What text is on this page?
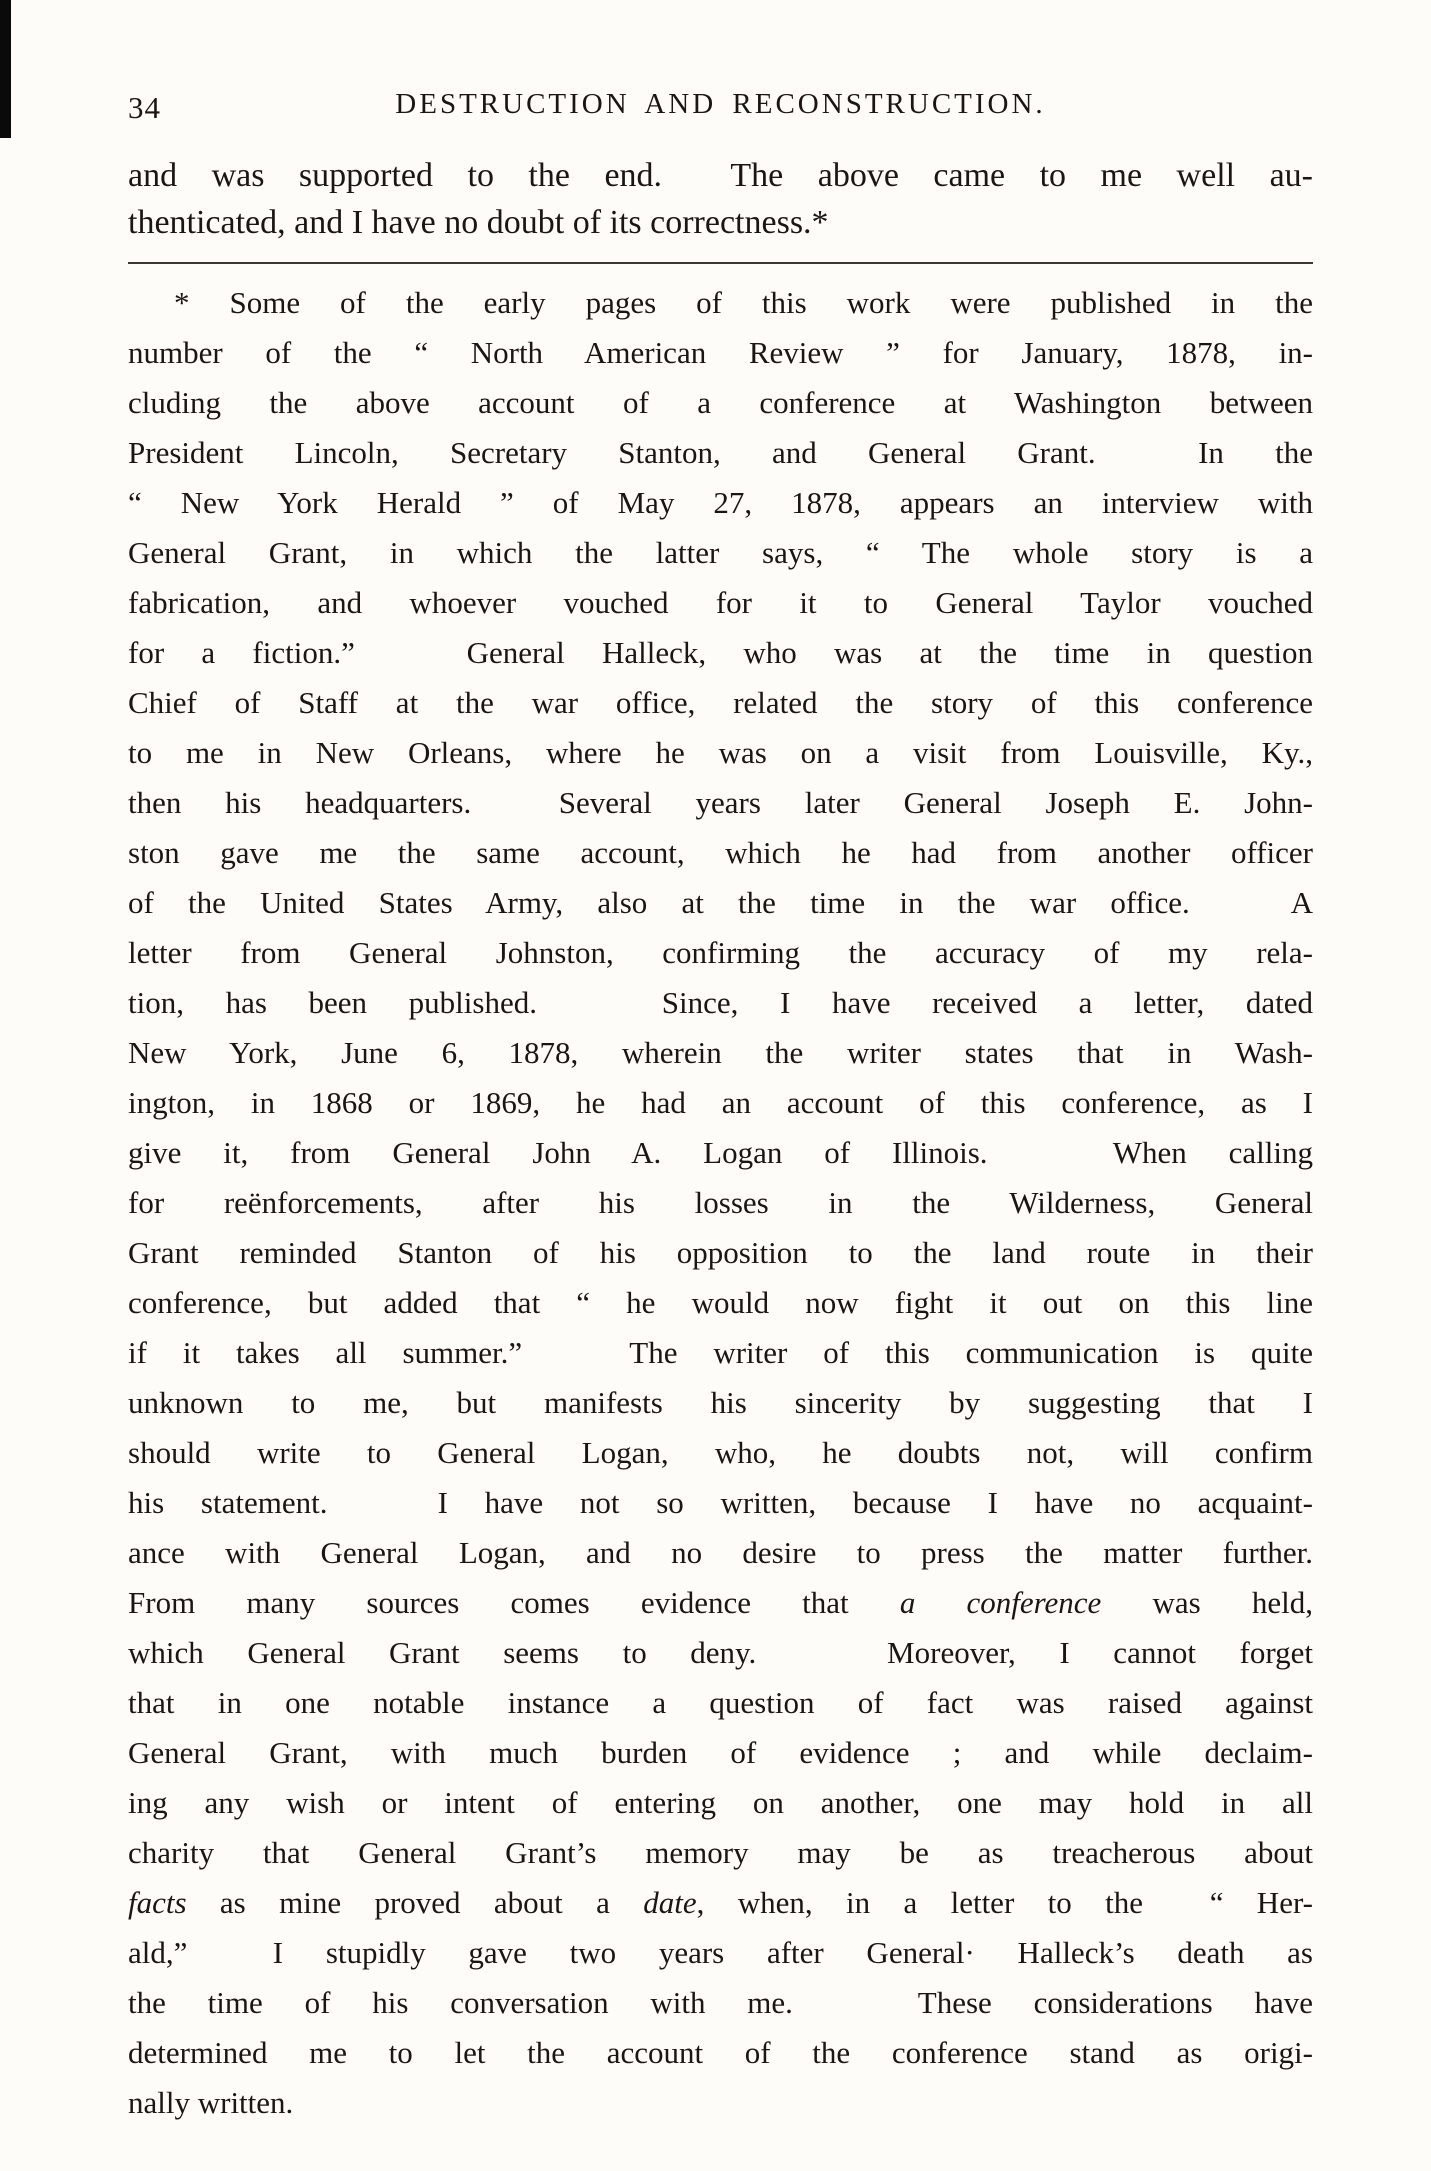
34	DESTRUCTION AND RECONSTRUCTION.
and was supported to the end.  The above came to me well au-
thenticated, and I have no doubt of its correctness.*
* Some of the early pages of this work were published in the
number of the “ North American Review ” for January, 1878, in-
cluding the above account of a conference at Washington between
President Lincoln, Secretary Stanton, and General Grant.  In the
“ New York Herald ” of May 27, 1878, appears an interview with
General Grant, in which the latter says, “ The whole story is a
fabrication, and whoever vouched for it to General Taylor vouched
for a fiction.”   General Halleck, who was at the time in question
Chief of Staff at the war office, related the story of this conference
to me in New Orleans, where he was on a visit from Louisville, Ky.,
then his headquarters.  Several years later General Joseph E. John-
ston gave me the same account, which he had from another officer
of the United States Army, also at the time in the war office.   A
letter from General Johnston, confirming the accuracy of my rela-
tion, has been published.   Since, I have received a letter, dated
New York, June 6, 1878, wherein the writer states that in Wash-
ington, in 1868 or 1869, he had an account of this conference, as I
give it, from General John A. Logan of Illinois.   When calling
for reënforcements, after his losses in the Wilderness, General
Grant reminded Stanton of his opposition to the land route in their
conference, but added that “ he would now fight it out on this line
if it takes all summer.”   The writer of this communication is quite
unknown to me, but manifests his sincerity by suggesting that I
should write to General Logan, who, he doubts not, will confirm
his statement.   I have not so written, because I have no acquaint-
ance with General Logan, and no desire to press the matter further.
From many sources comes evidence that a conference was held,
which General Grant seems to deny.   Moreover, I cannot forget
that in one notable instance a question of fact was raised against
General Grant, with much burden of evidence ; and while declaim-
ing any wish or intent of entering on another, one may hold in all
charity that General Grant’s memory may be as treacherous about
facts as mine proved about a date, when, in a letter to the  “ Her-
ald,”  I stupidly gave two years after General· Halleck’s death as
the time of his conversation with me.   These considerations have
determined me to let the account of the conference stand as origi-
nally written.
